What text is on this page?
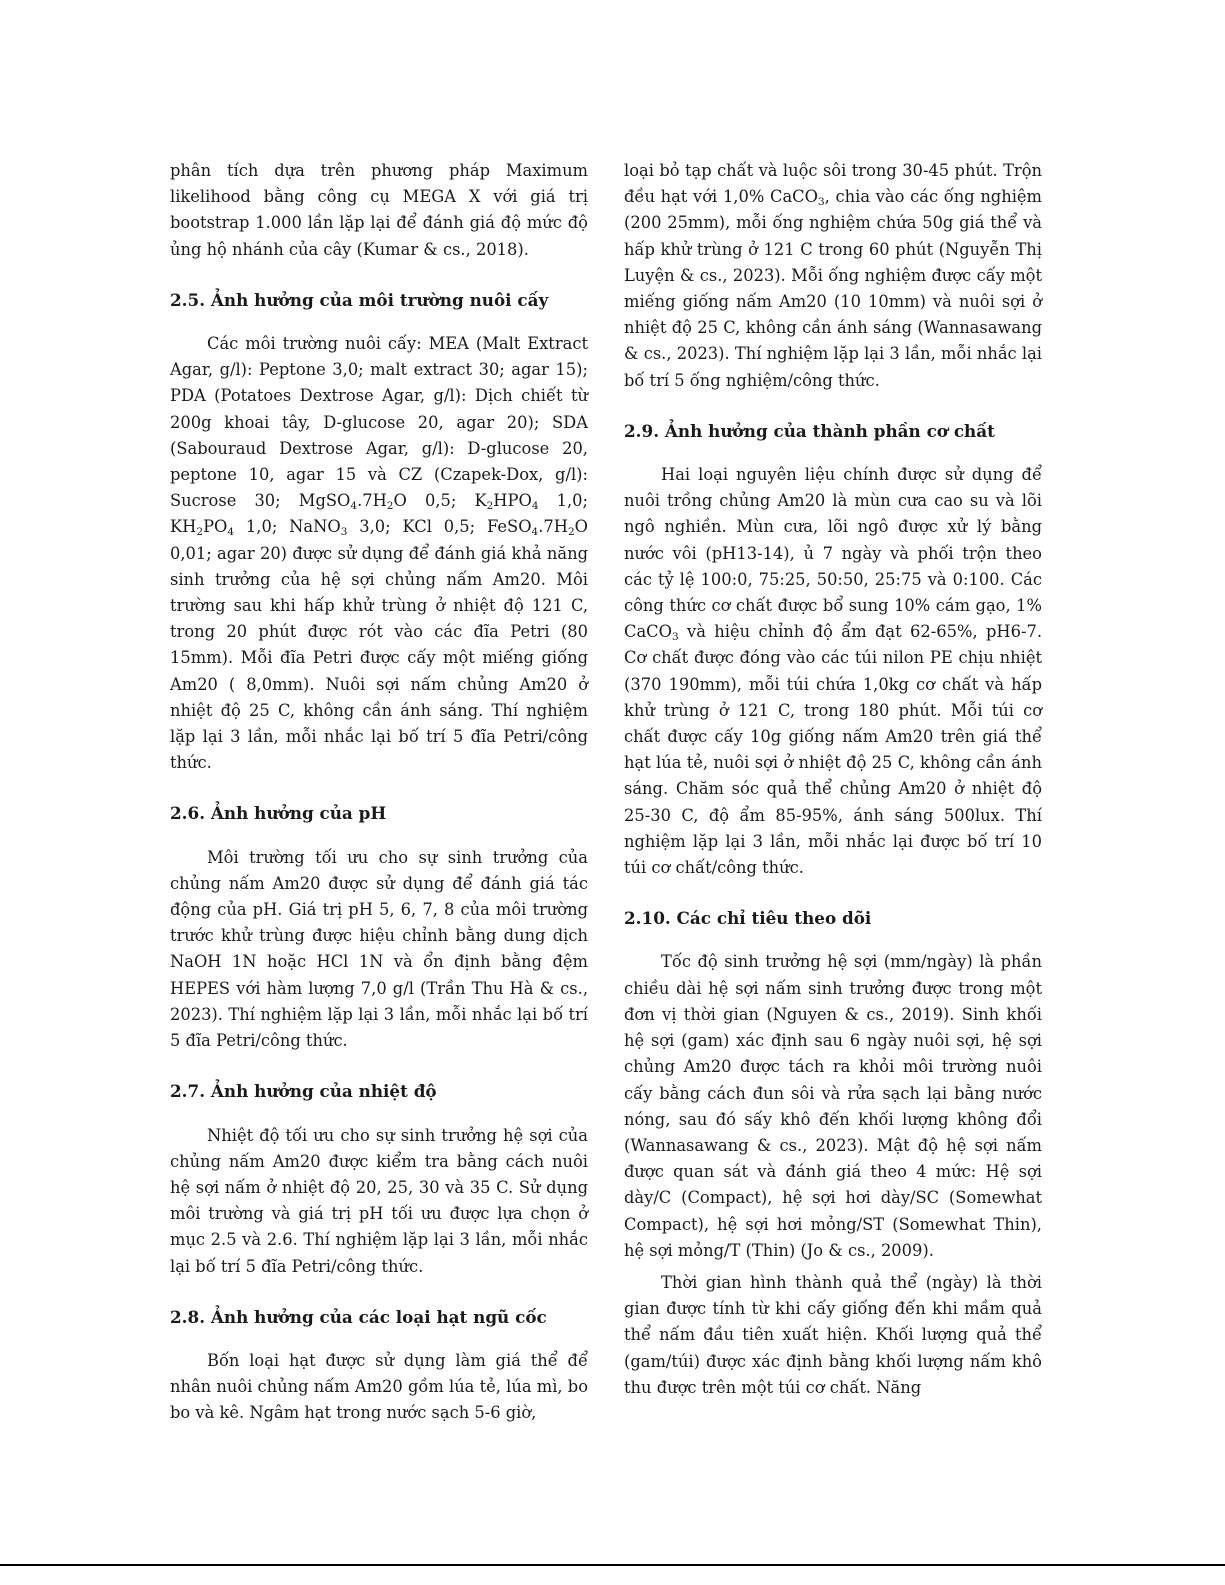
phân tích dựa trên phương pháp Maximum likelihood bằng công cụ MEGA X với giá trị bootstrap 1.000 lần lặp lại để đánh giá độ mức độ ủng hộ nhánh của cây (Kumar & cs., 2018).

2.5. Ảnh hưởng của môi trường nuôi cấy

Các môi trường nuôi cấy: MEA (Malt Extract Agar, g/l): Peptone 3,0; malt extract 30; agar 15); PDA (Potatoes Dextrose Agar, g/l): Dịch chiết từ 200g khoai tây, D-glucose 20, agar 20); SDA (Sabouraud Dextrose Agar, g/l): D-glucose 20, peptone 10, agar 15 và CZ (Czapek-Dox, g/l): Sucrose 30; $MgSO_4.7H_2O$ 0,5; $K_2HPO_4$ 1,0; $KH_2PO_4$ 1,0; NaNO$_3$ 3,0; KCl 0,5; $FeSO_4.7H_2O$ 0,01; agar 20) được sử dụng để đánh giá khả năng sinh trưởng của hệ sợi chủng nấm Am20. Môi trường sau khi hấp khử trùng ở nhiệt độ 121 C, trong 20 phút được rót vào các đĩa Petri (80 15mm). Mỗi đĩa Petri được cấy một miếng giống Am20 ( 8,0mm). Nuôi sợi nấm chủng Am20 ở nhiệt độ 25 C, không cần ánh sáng. Thí nghiệm lặp lại 3 lần, mỗi nhắc lại bố trí 5 đĩa Petri/công thức.

2.6. Ảnh hưởng của pH

Môi trường tối ưu cho sự sinh trưởng của chủng nấm Am20 được sử dụng để đánh giá tác động của pH. Giá trị pH 5, 6, 7, 8 của môi trường trước khử trùng được hiệu chỉnh bằng dung dịch NaOH 1N hoặc HCl 1N và ổn định bằng đệm HEPES với hàm lượng 7,0 g/l (Trần Thu Hà & cs., 2023). Thí nghiệm lặp lại 3 lần, mỗi nhắc lại bố trí 5 đĩa Petri/công thức.

2.7. Ảnh hưởng của nhiệt độ

Nhiệt độ tối ưu cho sự sinh trưởng hệ sợi của chủng nấm Am20 được kiểm tra bằng cách nuôi hệ sợi nấm ở nhiệt độ 20, 25, 30 và 35 C. Sử dụng môi trường và giá trị pH tối ưu được lựa chọn ở mục 2.5 và 2.6. Thí nghiệm lặp lại 3 lần, mỗi nhắc lại bố trí 5 đĩa Petri/công thức.

2.8. Ảnh hưởng của các loại hạt ngũ cốc

Bốn loại hạt được sử dụng làm giá thể để nhân nuôi chủng nấm Am20 gồm lúa tẻ, lúa mì, bo bo và kê. Ngâm hạt trong nước sạch 5-6 giờ,

loại bỏ tạp chất và luộc sôi trong 30-45 phút. Trộn đều hạt với 1,0% CaCO$_3$, chia vào các ống nghiệm (200 25mm), mỗi ống nghiệm chứa 50g giá thể và hấp khử trùng ở 121 C trong 60 phút (Nguyễn Thị Luyện & cs., 2023). Mỗi ống nghiệm được cấy một miếng giống nấm Am20 (10 10mm) và nuôi sợi ở nhiệt độ 25 C, không cần ánh sáng (Wannasawang & cs., 2023). Thí nghiệm lặp lại 3 lần, mỗi nhắc lại bố trí 5 ống nghiệm/công thức.

2.9. Ảnh hưởng của thành phần cơ chất

Hai loại nguyên liệu chính được sử dụng để nuôi trồng chủng Am20 là mùn cưa cao su và lõi ngô nghiền. Mùn cưa, lõi ngô được xử lý bằng nước vôi (pH13-14), ủ 7 ngày và phối trộn theo các tỷ lệ 100:0, 75:25, 50:50, 25:75 và 0:100. Các công thức cơ chất được bổ sung 10% cám gạo, 1% CaCO$_3$ và hiệu chỉnh độ ẩm đạt 62-65%, pH6-7. Cơ chất được đóng vào các túi nilon PE chịu nhiệt (370 190mm), mỗi túi chứa 1,0kg cơ chất và hấp khử trùng ở 121 C, trong 180 phút. Mỗi túi cơ chất được cấy 10g giống nấm Am20 trên giá thể hạt lúa tẻ, nuôi sợi ở nhiệt độ 25 C, không cần ánh sáng. Chăm sóc quả thể chủng Am20 ở nhiệt độ 25-30 C, độ ẩm 85-95%, ánh sáng 500lux. Thí nghiệm lặp lại 3 lần, mỗi nhắc lại được bố trí 10 túi cơ chất/công thức.

2.10. Các chỉ tiêu theo dõi

Tốc độ sinh trưởng hệ sợi (mm/ngày) là phần chiều dài hệ sợi nấm sinh trưởng được trong một đơn vị thời gian (Nguyen & cs., 2019). Sinh khối hệ sợi (gam) xác định sau 6 ngày nuôi sợi, hệ sợi chủng Am20 được tách ra khỏi môi trường nuôi cấy bằng cách đun sôi và rửa sạch lại bằng nước nóng, sau đó sấy khô đến khối lượng không đổi (Wannasawang & cs., 2023). Mật độ hệ sợi nấm được quan sát và đánh giá theo 4 mức: Hệ sợi dày/C (Compact), hệ sợi hơi dày/SC (Somewhat Compact), hệ sợi hơi mỏng/ST (Somewhat Thin), hệ sợi mỏng/T (Thin) (Jo & cs., 2009).

Thời gian hình thành quả thể (ngày) là thời gian được tính từ khi cấy giống đến khi mầm quả thể nấm đầu tiên xuất hiện. Khối lượng quả thể (gam/túi) được xác định bằng khối lượng nấm khô thu được trên một túi cơ chất. Năng
